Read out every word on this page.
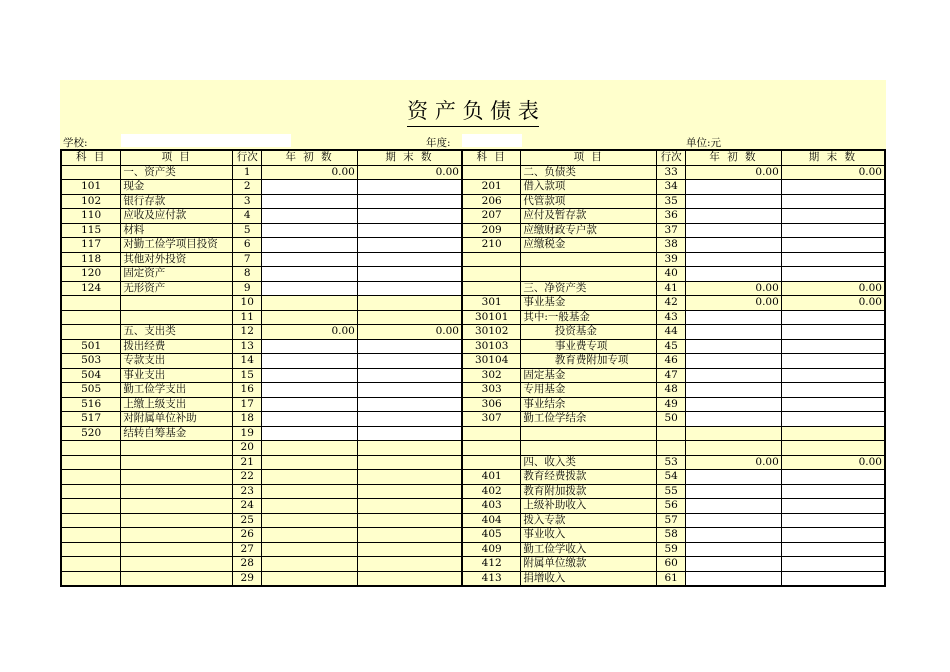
资 产 负 债 表
学校:	年度:	单位:元
科 目	项 目	行次	年 初 数	期 末 数	科 目	项 目	行次	年 初 数	期 末 数
	一、资产类	1	0.00	0.00		二、负债类	33	0.00	0.00
101	现金	2			201	借入款项	34		
102	银行存款	3			206	代管款项	35		
110	应收及应付款	4			207	应付及暂存款	36		
115	材料	5			209	应缴财政专户款	37		
117	对勤工俭学项目投资	6			210	应缴税金	38		
118	其他对外投资	7					39		
120	固定资产	8					40		
124	无形资产	9				三、净资产类	41	0.00	0.00
		10			301	事业基金	42	0.00	0.00
		11			30101	其中:一般基金	43		
	五、支出类	12	0.00	0.00	30102	　　　投资基金	44		
501	拨出经费	13			30103	　　　事业费专项	45		
503	专款支出	14			30104	　　　教育费附加专项	46		
504	事业支出	15			302	固定基金	47		
505	勤工俭学支出	16			303	专用基金	48		
516	上缴上级支出	17			306	事业结余	49		
517	对附属单位补助	18			307	勤工俭学结余	50		
520	结转自筹基金	19							
		20							
		21				四、收入类	53	0.00	0.00
		22			401	教育经费拨款	54		
		23			402	教育附加拨款	55		
		24			403	上级补助收入	56		
		25			404	拨入专款	57		
		26			405	事业收入	58		
		27			409	勤工俭学收入	59		
		28			412	附属单位缴款	60		
		29			413	捐增收入	61		
